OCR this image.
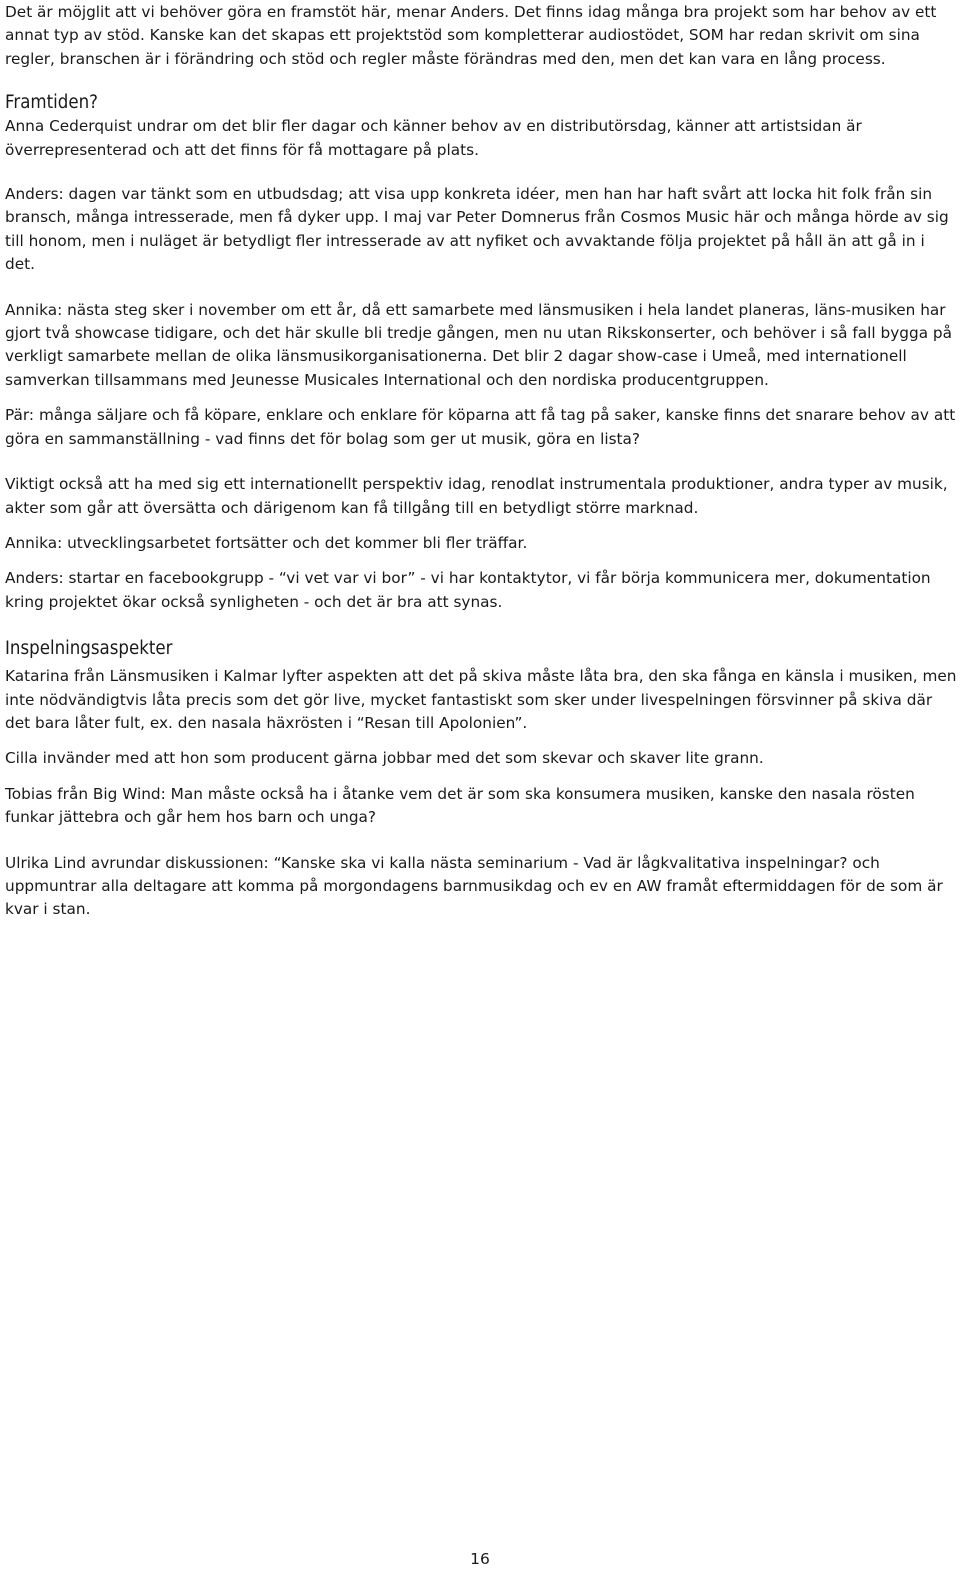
Det är möjglit att vi behöver göra en framstöt här, menar Anders. Det finns idag många bra projekt som har behov av ett annat typ av stöd. Kanske kan det skapas ett projektstöd som kompletterar audiostödet, SOM har redan skrivit om sina regler, branschen är i förändring och stöd och regler måste förändras med den, men det kan vara en lång process.

Framtiden?

Anna Cederquist undrar om det blir fler dagar och känner behov av en distributörsdag, känner att artistsidan är överrepresenterad och att det finns för få mottagare på plats.

Anders: dagen var tänkt som en utbudsdag; att visa upp konkreta idéer, men han har haft svårt att locka hit folk från sin bransch, många intresserade, men få dyker upp. I maj var Peter Domnerus från Cosmos Music här och många hörde av sig till honom, men i nuläget är betydligt fler intresserade av att nyfiket och avvaktande följa projektet på håll än att gå in i det.

Annika: nästa steg sker i november om ett år, då ett samarbete med länsmusiken i hela landet planeras, läns-musiken har gjort två showcase tidigare, och det här skulle bli tredje gången, men nu utan Rikskonserter, och behöver i så fall bygga på verkligt samarbete mellan de olika länsmusikorganisationerna. Det blir 2 dagar show-case i Umeå, med internationell samverkan tillsammans med Jeunesse Musicales International och den nordiska producentgruppen.

Pär: många säljare och få köpare, enklare och enklare för köparna att få tag på saker, kanske finns det snarare behov av att göra en sammanställning - vad finns det för bolag som ger ut musik, göra en lista?

Viktigt också att ha med sig ett internationellt perspektiv idag, renodlat instrumentala produktioner, andra typer av musik, akter som går att översätta och därigenom kan få tillgång till en betydligt större marknad.

Annika: utvecklingsarbetet fortsätter och det kommer bli fler träffar.

Anders: startar en facebookgrupp - “vi vet var vi bor” - vi har kontaktytor, vi får börja kommunicera mer, dokumentation kring projektet ökar också synligheten - och det är bra att synas.

Inspelningsaspekter

Katarina från Länsmusiken i Kalmar lyfter aspekten att det på skiva måste låta bra, den ska fånga en känsla i musiken, men inte nödvändigtvis låta precis som det gör live, mycket fantastiskt som sker under livespelningen försvinner på skiva där det bara låter fult, ex. den nasala häxrösten i “Resan till Apolonien”.

Cilla invänder med att hon som producent gärna jobbar med det som skevar och skaver lite grann.

Tobias från Big Wind: Man måste också ha i åtanke vem det är som ska konsumera musiken, kanske den nasala rösten funkar jättebra och går hem hos barn och unga?

Ulrika Lind avrundar diskussionen: “Kanske ska vi kalla nästa seminarium - Vad är lågkvalitativa inspelningar? och uppmuntrar alla deltagare att komma på morgondagens barnmusikdag och ev en AW framåt eftermiddagen för de som är kvar i stan.

16
